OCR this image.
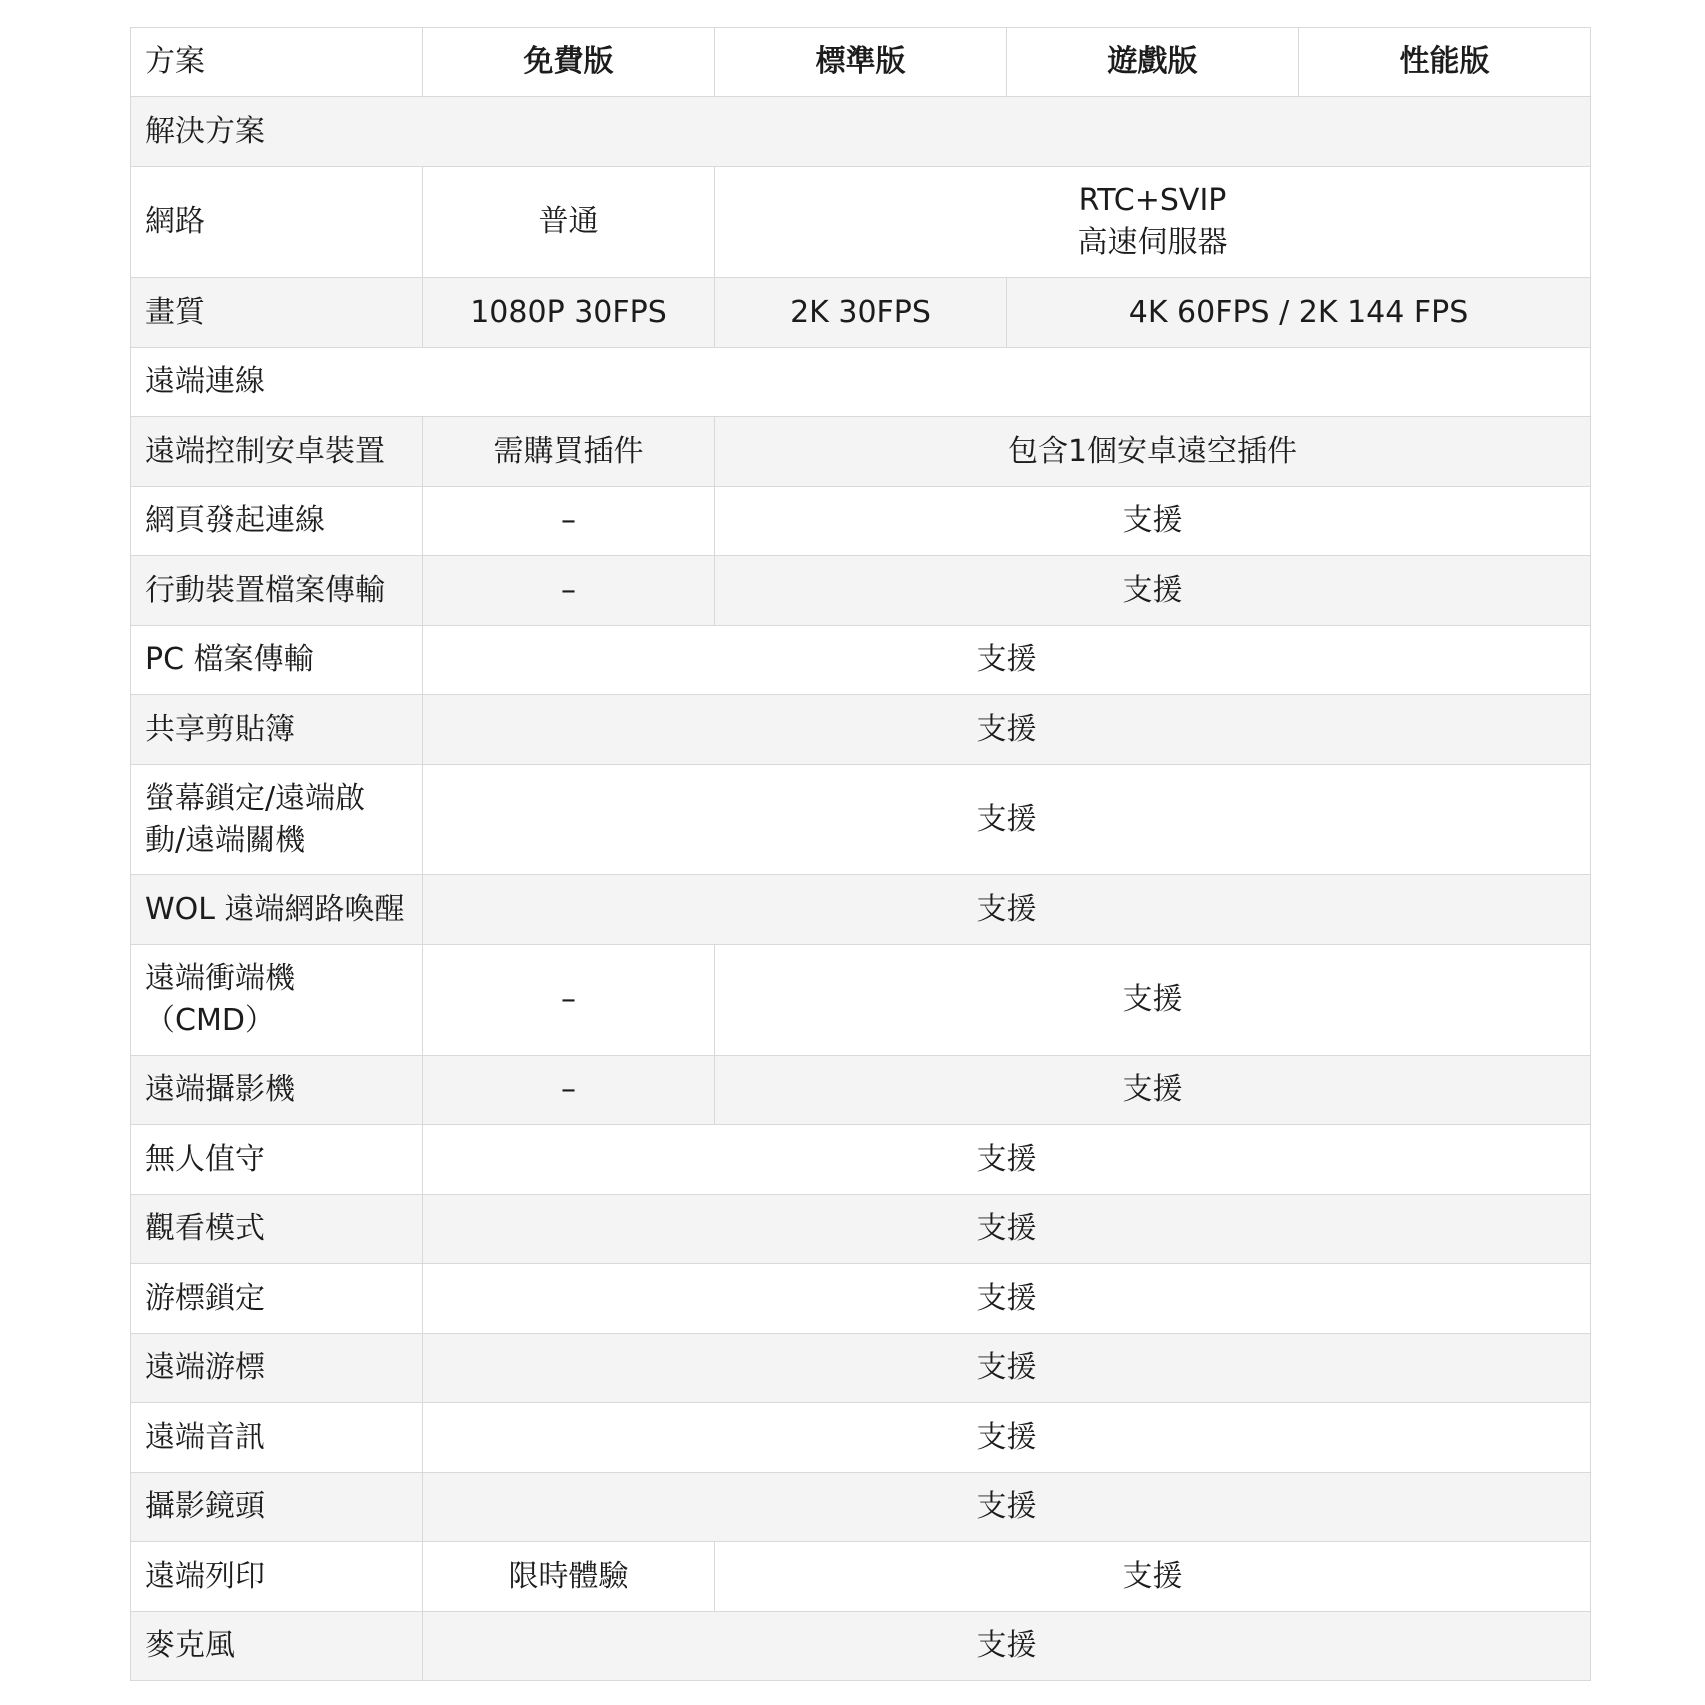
方案	免費版	標準版	遊戲版	性能版
解決方案				
網路	普通	RTC+SVIP
高速伺服器		

畫質	1080P 30FPS	2K 30FPS	4K 60FPS / 2K 144 FPS	
遠端連線				
遠端控制安卓裝置	需購買插件	包含1個安卓遠空插件		
網頁發起連線	–	支援		
行動裝置檔案傳輸	–	支援		
PC 檔案傳輸	支援			
共享剪貼簿	支援			

螢幕鎖定/遠端啟
動/遠端關機	支援			
WOL 遠端網路喚醒	支援			

遠端衝端機
（CMD）	–	支援		
遠端攝影機	–	支援		
無人值守	支援			
觀看模式	支援			
游標鎖定	支援			
遠端游標	支援			
遠端音訊	支援			
攝影鏡頭	支援			
遠端列印	限時體驗	支援		
麥克風	支援			
